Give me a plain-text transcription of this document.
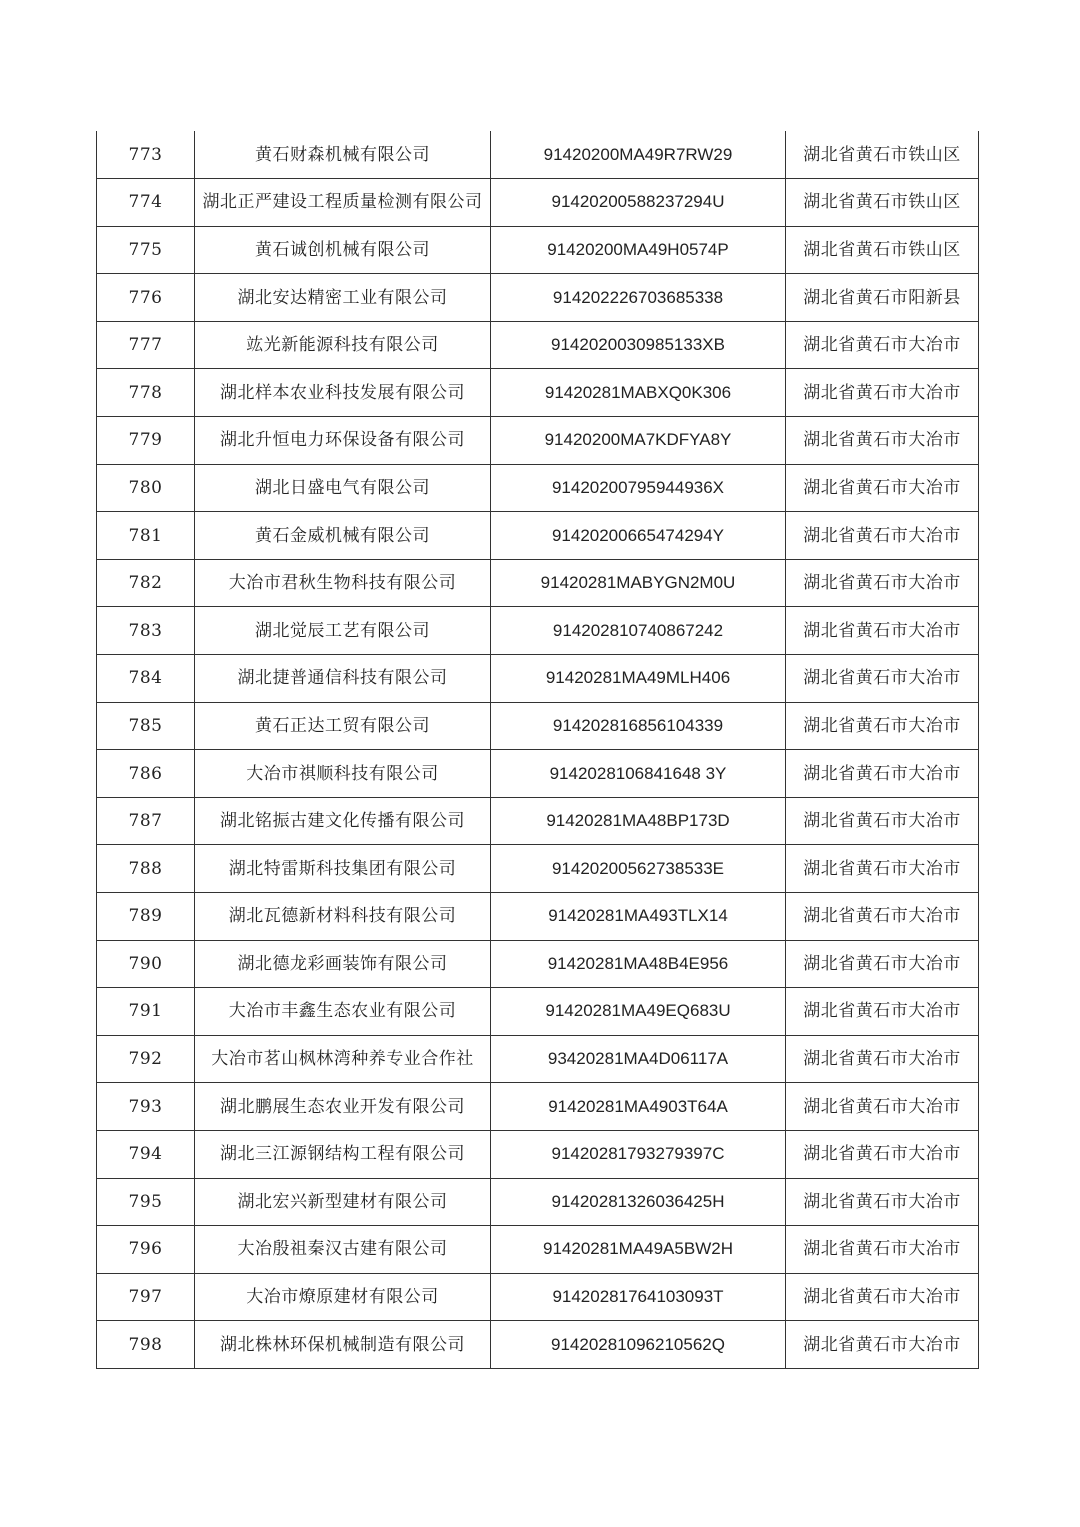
773	黄石财森机械有限公司	91420200MA49R7RW29	湖北省黄石市铁山区
774	湖北正严建设工程质量检测有限公司	91420200588237294U	湖北省黄石市铁山区
775	黄石诚创机械有限公司	91420200MA49H0574P	湖北省黄石市铁山区
776	湖北安达精密工业有限公司	914202226703685338	湖北省黄石市阳新县
777	竑光新能源科技有限公司	9142020030985133XB	湖北省黄石市大冶市
778	湖北样本农业科技发展有限公司	91420281MABXQ0K306	湖北省黄石市大冶市
779	湖北升恒电力环保设备有限公司	91420200MA7KDFYA8Y	湖北省黄石市大冶市
780	湖北日盛电气有限公司	91420200795944936X	湖北省黄石市大冶市
781	黄石金威机械有限公司	91420200665474294Y	湖北省黄石市大冶市
782	大冶市君秋生物科技有限公司	91420281MABYGN2M0U	湖北省黄石市大冶市
783	湖北觉辰工艺有限公司	914202810740867242	湖北省黄石市大冶市
784	湖北捷普通信科技有限公司	91420281MA49MLH406	湖北省黄石市大冶市
785	黄石正达工贸有限公司	914202816856104339	湖北省黄石市大冶市
786	大冶市祺顺科技有限公司	9142028106841648 3Y	湖北省黄石市大冶市
787	湖北铭振古建文化传播有限公司	91420281MA48BP173D	湖北省黄石市大冶市
788	湖北特雷斯科技集团有限公司	91420200562738533E	湖北省黄石市大冶市
789	湖北瓦德新材料科技有限公司	91420281MA493TLX14	湖北省黄石市大冶市
790	湖北德龙彩画装饰有限公司	91420281MA48B4E956	湖北省黄石市大冶市
791	大冶市丰鑫生态农业有限公司	91420281MA49EQ683U	湖北省黄石市大冶市
792	大冶市茗山枫林湾种养专业合作社	93420281MA4D06117A	湖北省黄石市大冶市
793	湖北鹏展生态农业开发有限公司	91420281MA4903T64A	湖北省黄石市大冶市
794	湖北三江源钢结构工程有限公司	91420281793279397C	湖北省黄石市大冶市
795	湖北宏兴新型建材有限公司	91420281326036425H	湖北省黄石市大冶市
796	大冶殷祖秦汉古建有限公司	91420281MA49A5BW2H	湖北省黄石市大冶市
797	大冶市燎原建材有限公司	91420281764103093T	湖北省黄石市大冶市
798	湖北株林环保机械制造有限公司	91420281096210562Q	湖北省黄石市大冶市
